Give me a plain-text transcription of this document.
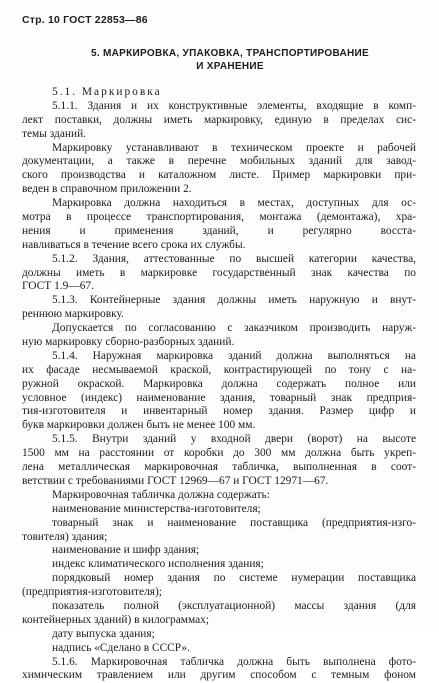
Стр. 10 ГОСТ 22853—86
5. МАРКИРОВКА, УПАКОВКА, ТРАНСПОРТИРОВАНИЕ
И ХРАНЕНИЕ
5.1. Маркировка
5.1.1. Здания и их конструктивные элементы, входящие в комп-
лект поставки, должны иметь маркировку, единую в пределах сис-
темы зданий.
Маркировку устанавливают в техническом проекте и рабочей
документации, а также в перечне мобильных зданий для завод-
ского производства и каталожном листе. Пример маркировки при-
веден в справочном приложении 2.
Маркировка должна находиться в местах, доступных для ос-
мотра в процессе транспортирования, монтажа (демонтажа), хра-
нения и применения зданий, и регулярно восста-
навливаться в течение всего срока их службы.
5.1.2. Здания, аттестованные по высшей категории качества,
должны иметь в маркировке государственный знак качества по
ГОСТ 1.9—67.
5.1.3. Контейнерные здания должны иметь наружную и внут-
реннюю маркировку.
Допускается по согласованию с заказчиком производить наруж-
ную маркировку сборно-разборных зданий.
5.1.4. Наружная маркировка зданий должна выполняться на
их фасаде несмываемой краской, контрастирующей по тону с на-
ружной окраской. Маркировка должна содержать полное или
условное (индекс) наименование здания, товарный знак предприя-
тия-изготовителя и инвентарный номер здания. Размер цифр и
букв маркировки должен быть не менее 100 мм.
5.1.5. Внутри зданий у входной двери (ворот) на высоте
1500 мм на расстоянии от коробки до 300 мм должна быть укреп-
лена металлическая маркировочная табличка, выполненная в соот-
ветствии с требованиями ГОСТ 12969—67 и ГОСТ 12971—67.
Маркировочная табличка должна содержать:
наименование министерства-изготовителя;
товарный знак и наименование поставщика (предприятия-изго-
товителя) здания;
наименование и шифр здания;
индекс климатического исполнения здания;
порядковый номер здания по системе нумерации поставщика
(предприятия-изготовителя);
показатель полной (эксплуатационной) массы здания (для
контейнерных зданий) в килограммах;
дату выпуска здания;
надпись «Сделано в СССР».
5.1.6. Маркировочная табличка должна быть выполнена фото-
химическим травлением или другим способом с темным фоном
